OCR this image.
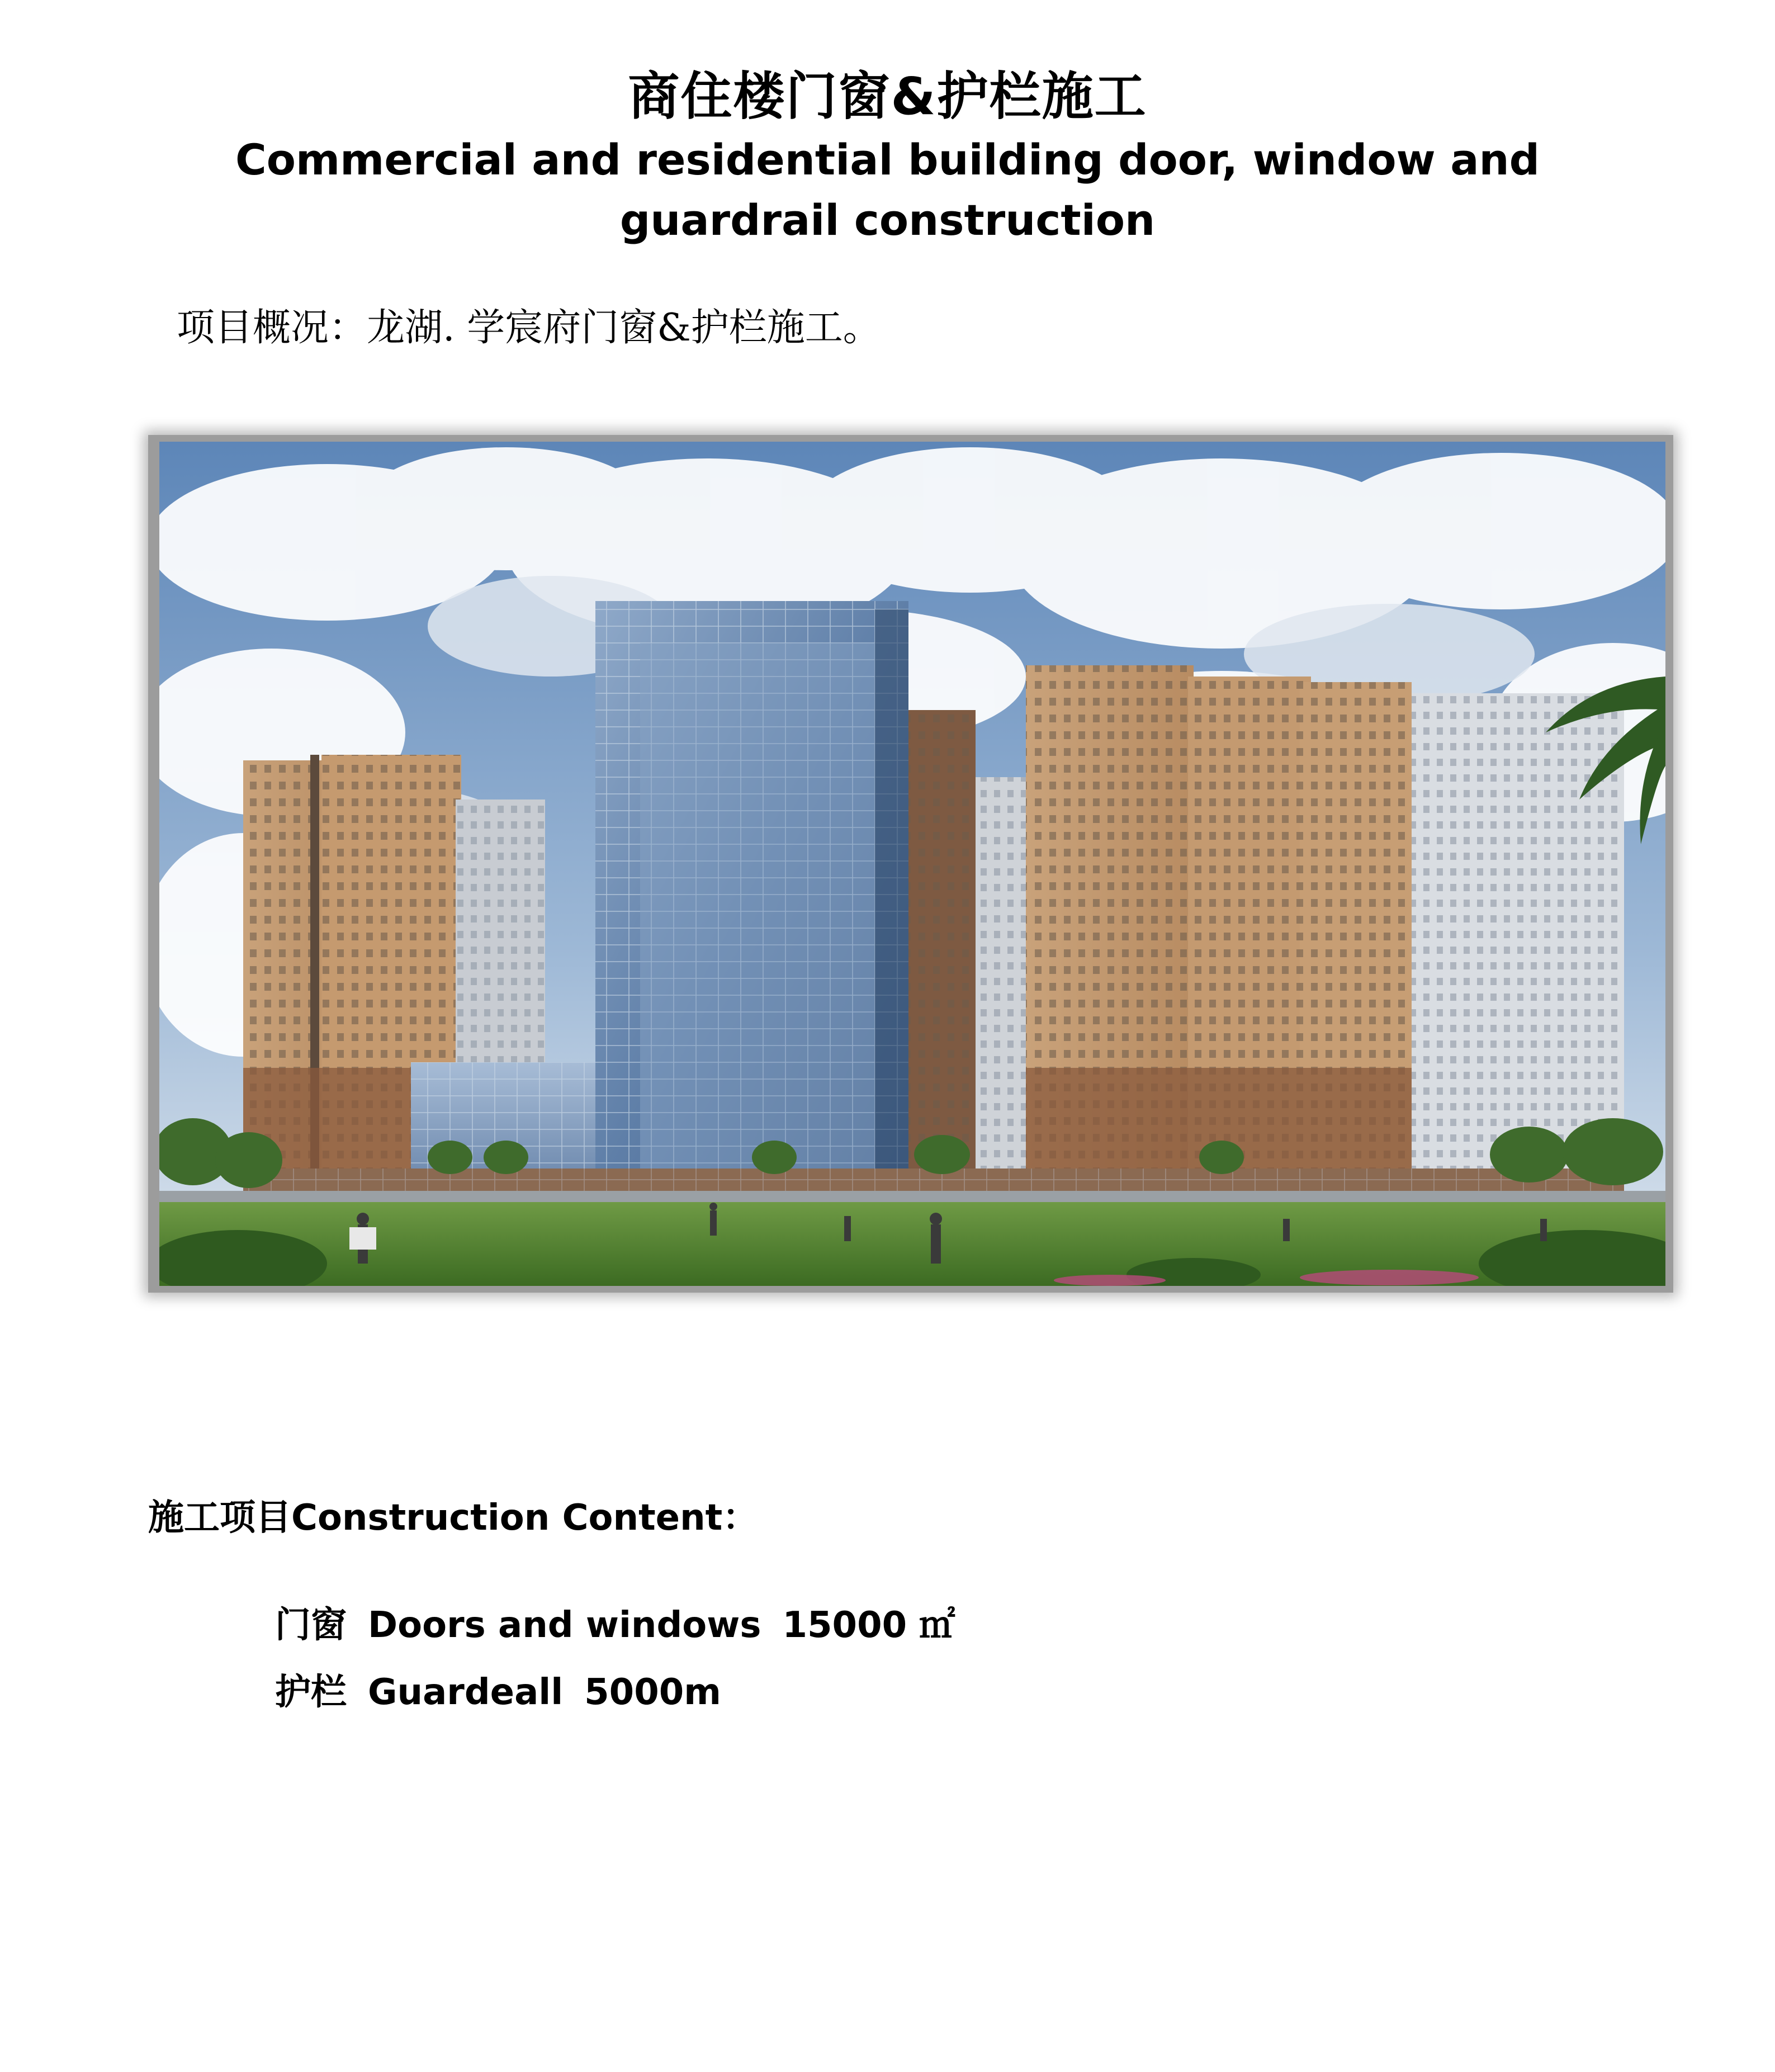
商住楼门窗&护栏施工
Commercial and residential building door, window and
guardrail construction
项目概况：龙湖. 学宸府门窗&护栏施工。
施工项目Construction Content：
门窗 Doors and windows 15000 ㎡
护栏 Guardeall 5000m
